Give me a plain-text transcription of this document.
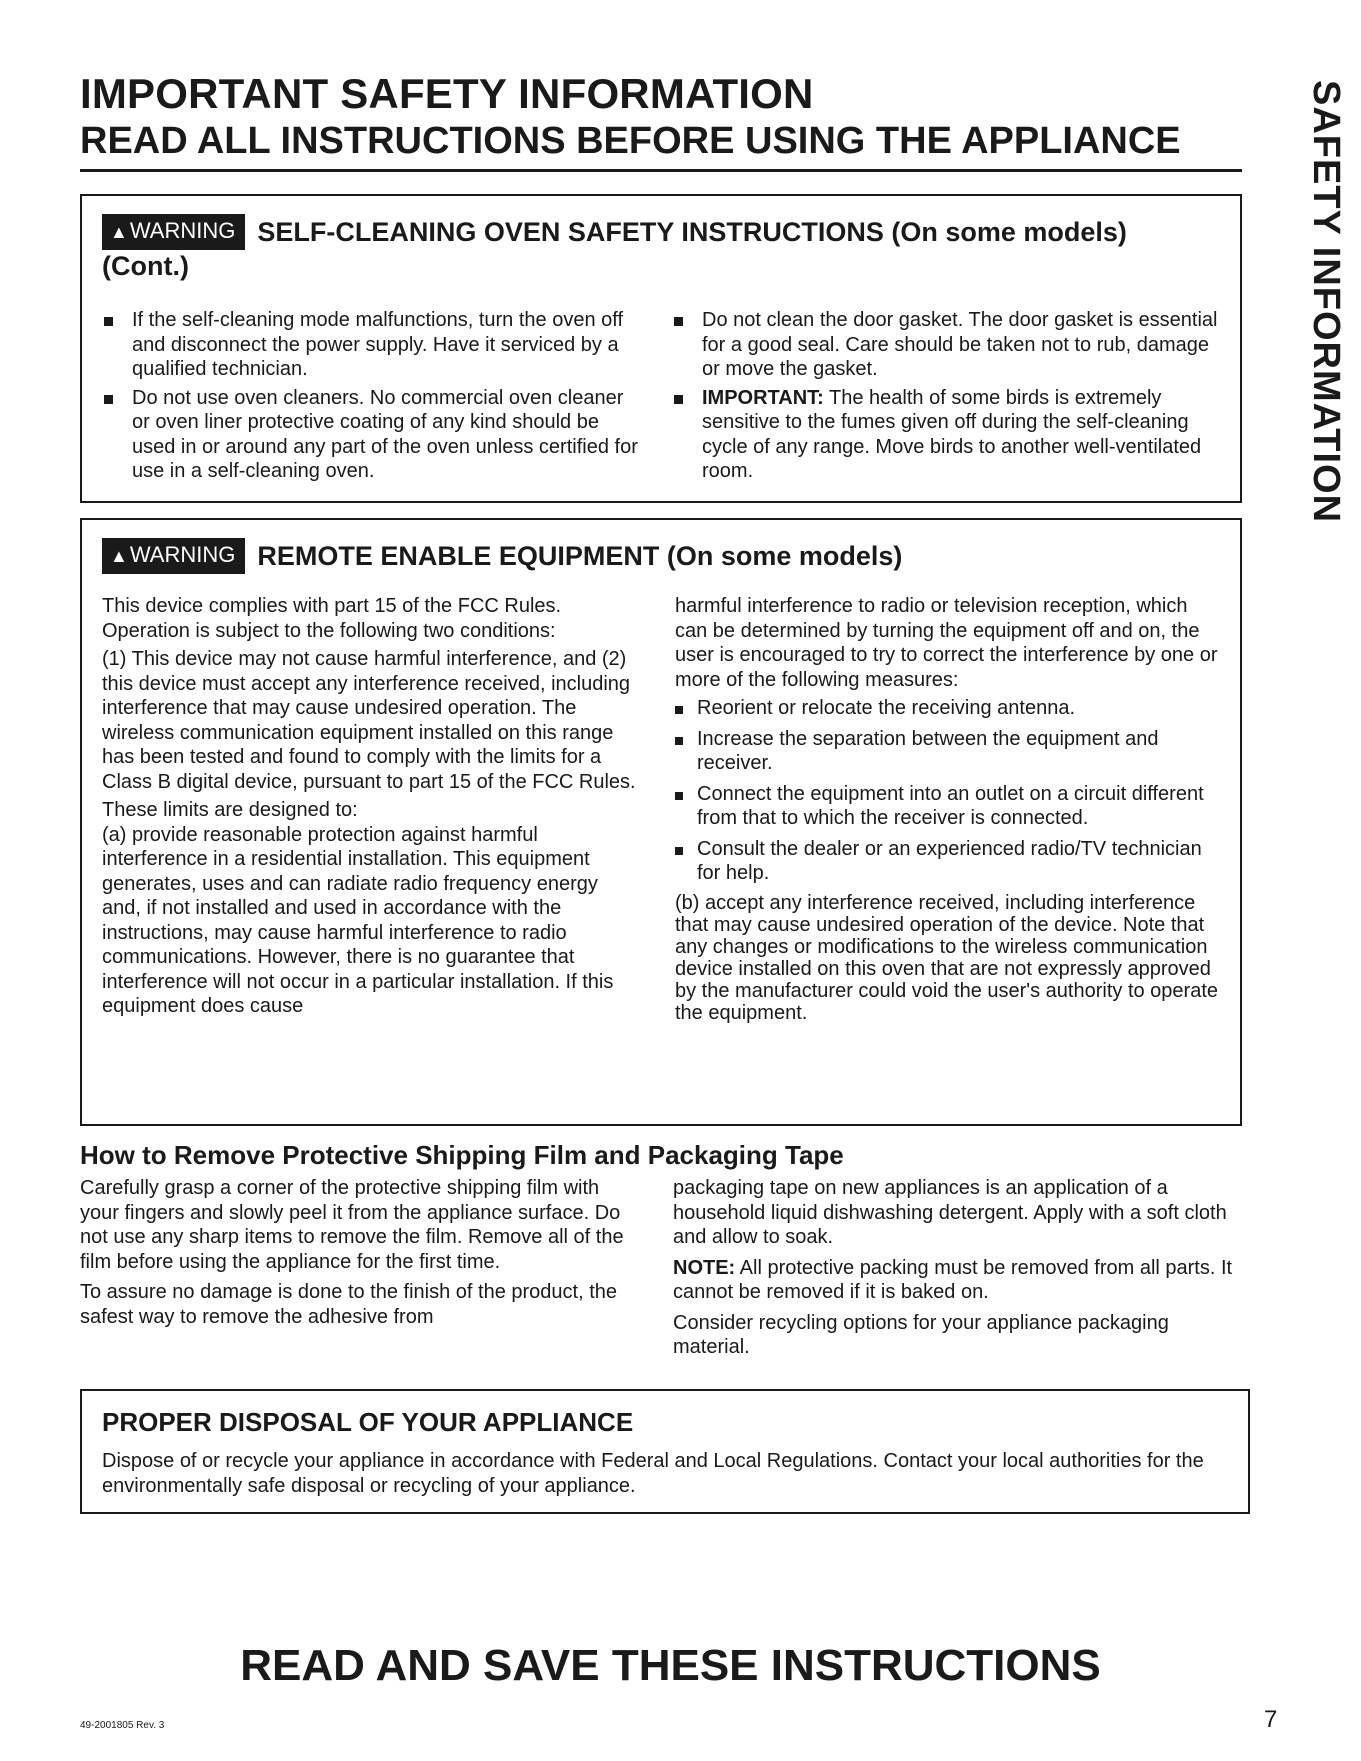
IMPORTANT SAFETY INFORMATION
READ ALL INSTRUCTIONS BEFORE USING THE APPLIANCE	SAFETY INFORMATION
▲WARNING SELF-CLEANING OVEN SAFETY INSTRUCTIONS (On some models) (Cont.)
If the self-cleaning mode malfunctions, turn the oven off and disconnect the power supply. Have it serviced by a qualified technician.
Do not use oven cleaners. No commercial oven cleaner or oven liner protective coating of any kind should be used in or around any part of the oven unless certified for use in a self-cleaning oven.
Do not clean the door gasket. The door gasket is essential for a good seal. Care should be taken not to rub, damage or move the gasket.
IMPORTANT: The health of some birds is extremely sensitive to the fumes given off during the self-cleaning cycle of any range. Move birds to another well-ventilated room.
▲WARNING REMOTE ENABLE EQUIPMENT (On some models)

This device complies with part 15 of the FCC Rules. Operation is subject to the following two conditions:

(1) This device may not cause harmful interference, and (2) this device must accept any interference received, including interference that may cause undesired operation. The wireless communication equipment installed on this range has been tested and found to comply with the limits for a Class B digital device, pursuant to part 15 of the FCC Rules.

These limits are designed to:

(a) provide reasonable protection against harmful interference in a residential installation. This equipment generates, uses and can radiate radio frequency energy and, if not installed and used in accordance with the instructions, may cause harmful interference to radio communications. However, there is no guarantee that interference will not occur in a particular installation. If this equipment does cause

harmful interference to radio or television reception, which can be determined by turning the equipment off and on, the user is encouraged to try to correct the interference by one or more of the following measures:

Reorient or relocate the receiving antenna.
Increase the separation between the equipment and receiver.
Connect the equipment into an outlet on a circuit different from that to which the receiver is connected.
Consult the dealer or an experienced radio/TV technician for help.

(b) accept any interference received, including interference that may cause undesired operation of the device. Note that any changes or modifications to the wireless communication device installed on this oven that are not expressly approved by the manufacturer could void the user's authority to operate the equipment.

How to Remove Protective Shipping Film and Packaging Tape

Carefully grasp a corner of the protective shipping film with your fingers and slowly peel it from the appliance surface. Do not use any sharp items to remove the film. Remove all of the film before using the appliance for the first time.

To assure no damage is done to the finish of the product, the safest way to remove the adhesive from

packaging tape on new appliances is an application of a household liquid dishwashing detergent. Apply with a soft cloth and allow to soak.

NOTE: All protective packing must be removed from all parts. It cannot be removed if it is baked on.

Consider recycling options for your appliance packaging material.

PROPER DISPOSAL OF YOUR APPLIANCE
Dispose of or recycle your appliance in accordance with Federal and Local Regulations. Contact your local authorities for the environmentally safe disposal or recycling of your appliance.
READ AND SAVE THESE INSTRUCTIONS
49-2001805 Rev. 3	7
